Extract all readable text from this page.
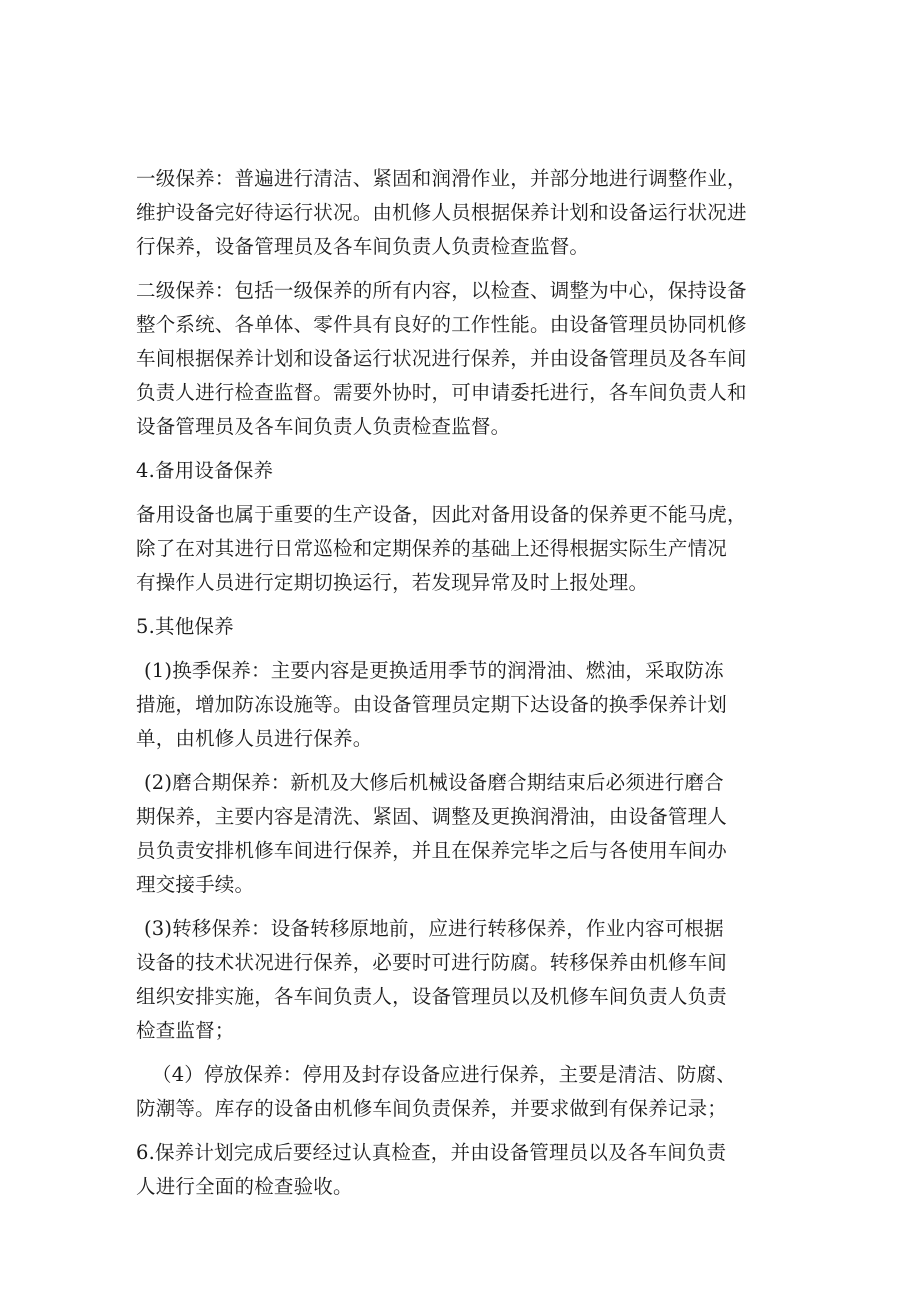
一级保养：普遍进行清洁、紧固和润滑作业，并部分地进行调整作业，
维护设备完好待运行状况。由机修人员根据保养计划和设备运行状况进
行保养，设备管理员及各车间负责人负责检查监督。

二级保养：包括一级保养的所有内容，以检查、调整为中心，保持设备
整个系统、各单体、零件具有良好的工作性能。由设备管理员协同机修
车间根据保养计划和设备运行状况进行保养，并由设备管理员及各车间
负责人进行检查监督。需要外协时，可申请委托进行，各车间负责人和
设备管理员及各车间负责人负责检查监督。

4.备用设备保养

备用设备也属于重要的生产设备，因此对备用设备的保养更不能马虎，
除了在对其进行日常巡检和定期保养的基础上还得根据实际生产情况
有操作人员进行定期切换运行，若发现异常及时上报处理。

5.其他保养

(1)换季保养：主要内容是更换适用季节的润滑油、燃油，采取防冻
措施，增加防冻设施等。由设备管理员定期下达设备的换季保养计划
单，由机修人员进行保养。

(2)磨合期保养：新机及大修后机械设备磨合期结束后必须进行磨合
期保养，主要内容是清洗、紧固、调整及更换润滑油，由设备管理人
员负责安排机修车间进行保养，并且在保养完毕之后与各使用车间办
理交接手续。

(3)转移保养：设备转移原地前，应进行转移保养，作业内容可根据
设备的技术状况进行保养，必要时可进行防腐。转移保养由机修车间
组织安排实施，各车间负责人，设备管理员以及机修车间负责人负责
检查监督；

（4）停放保养：停用及封存设备应进行保养，主要是清洁、防腐、
防潮等。库存的设备由机修车间负责保养，并要求做到有保养记录；

6.保养计划完成后要经过认真检查，并由设备管理员以及各车间负责
人进行全面的检查验收。
